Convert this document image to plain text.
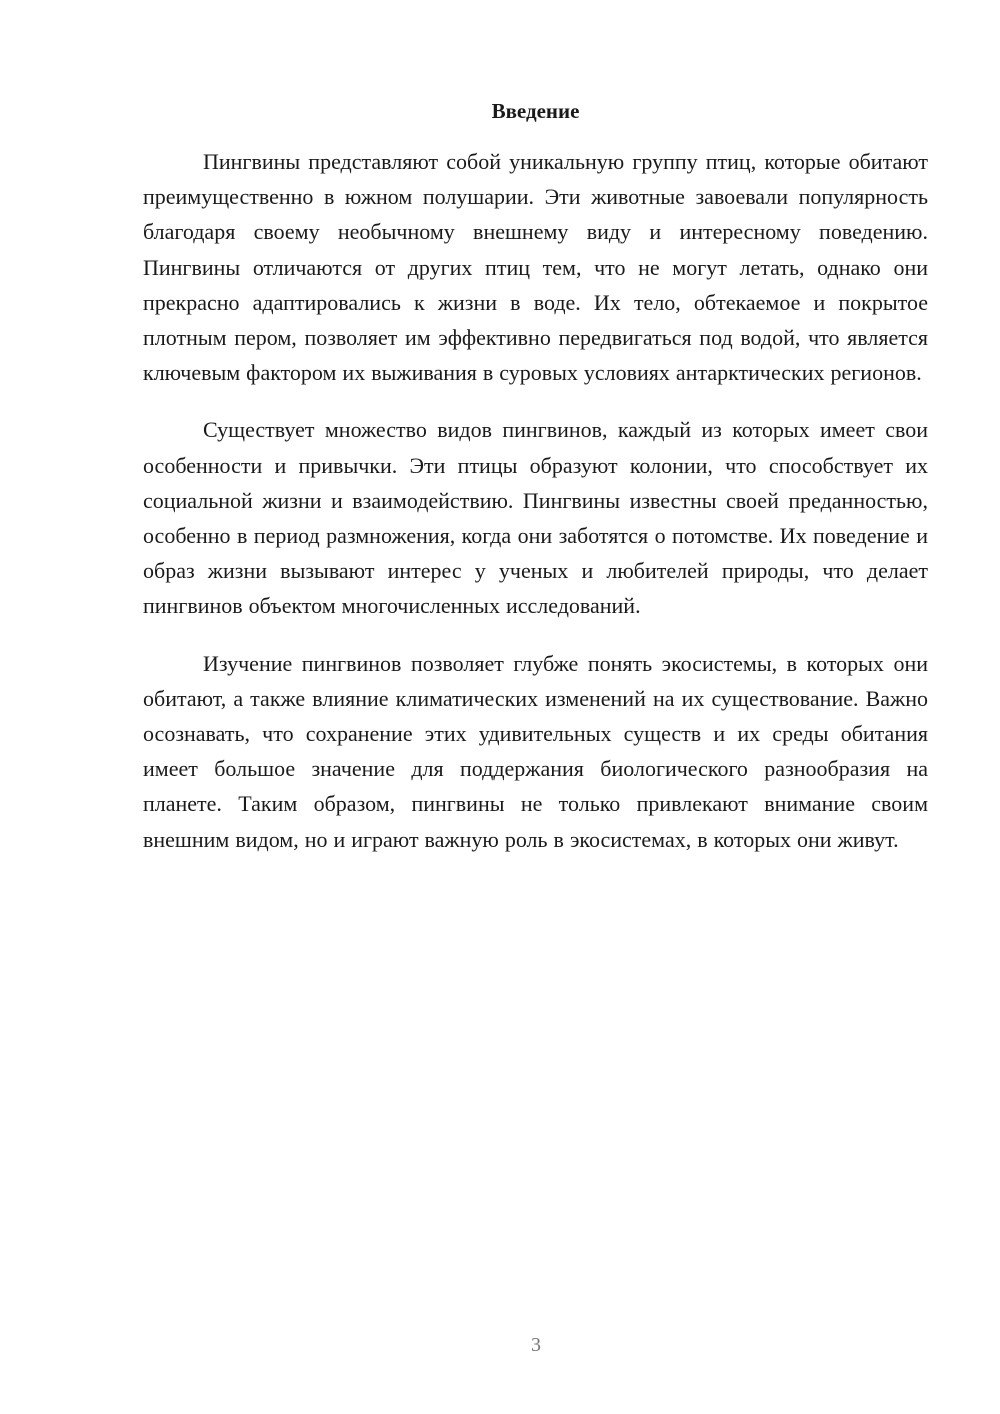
Введение

Пингвины представляют собой уникальную группу птиц, которые обитают преимущественно в южном полушарии. Эти животные завоевали популярность благодаря своему необычному внешнему виду и интересному поведению. Пингвины отличаются от других птиц тем, что не могут летать, однако они прекрасно адаптировались к жизни в воде. Их тело, обтекаемое и покрытое плотным пером, позволяет им эффективно передвигаться под водой, что является ключевым фактором их выживания в суровых условиях антарктических регионов.

Существует множество видов пингвинов, каждый из которых имеет свои особенности и привычки. Эти птицы образуют колонии, что способствует их социальной жизни и взаимодействию. Пингвины известны своей преданностью, особенно в период размножения, когда они заботятся о потомстве. Их поведение и образ жизни вызывают интерес у ученых и любителей природы, что делает пингвинов объектом многочисленных исследований.

Изучение пингвинов позволяет глубже понять экосистемы, в которых они обитают, а также влияние климатических изменений на их существование. Важно осознавать, что сохранение этих удивительных существ и их среды обитания имеет большое значение для поддержания биологического разнообразия на планете. Таким образом, пингвины не только привлекают внимание своим внешним видом, но и играют важную роль в экосистемах, в которых они живут.

3
